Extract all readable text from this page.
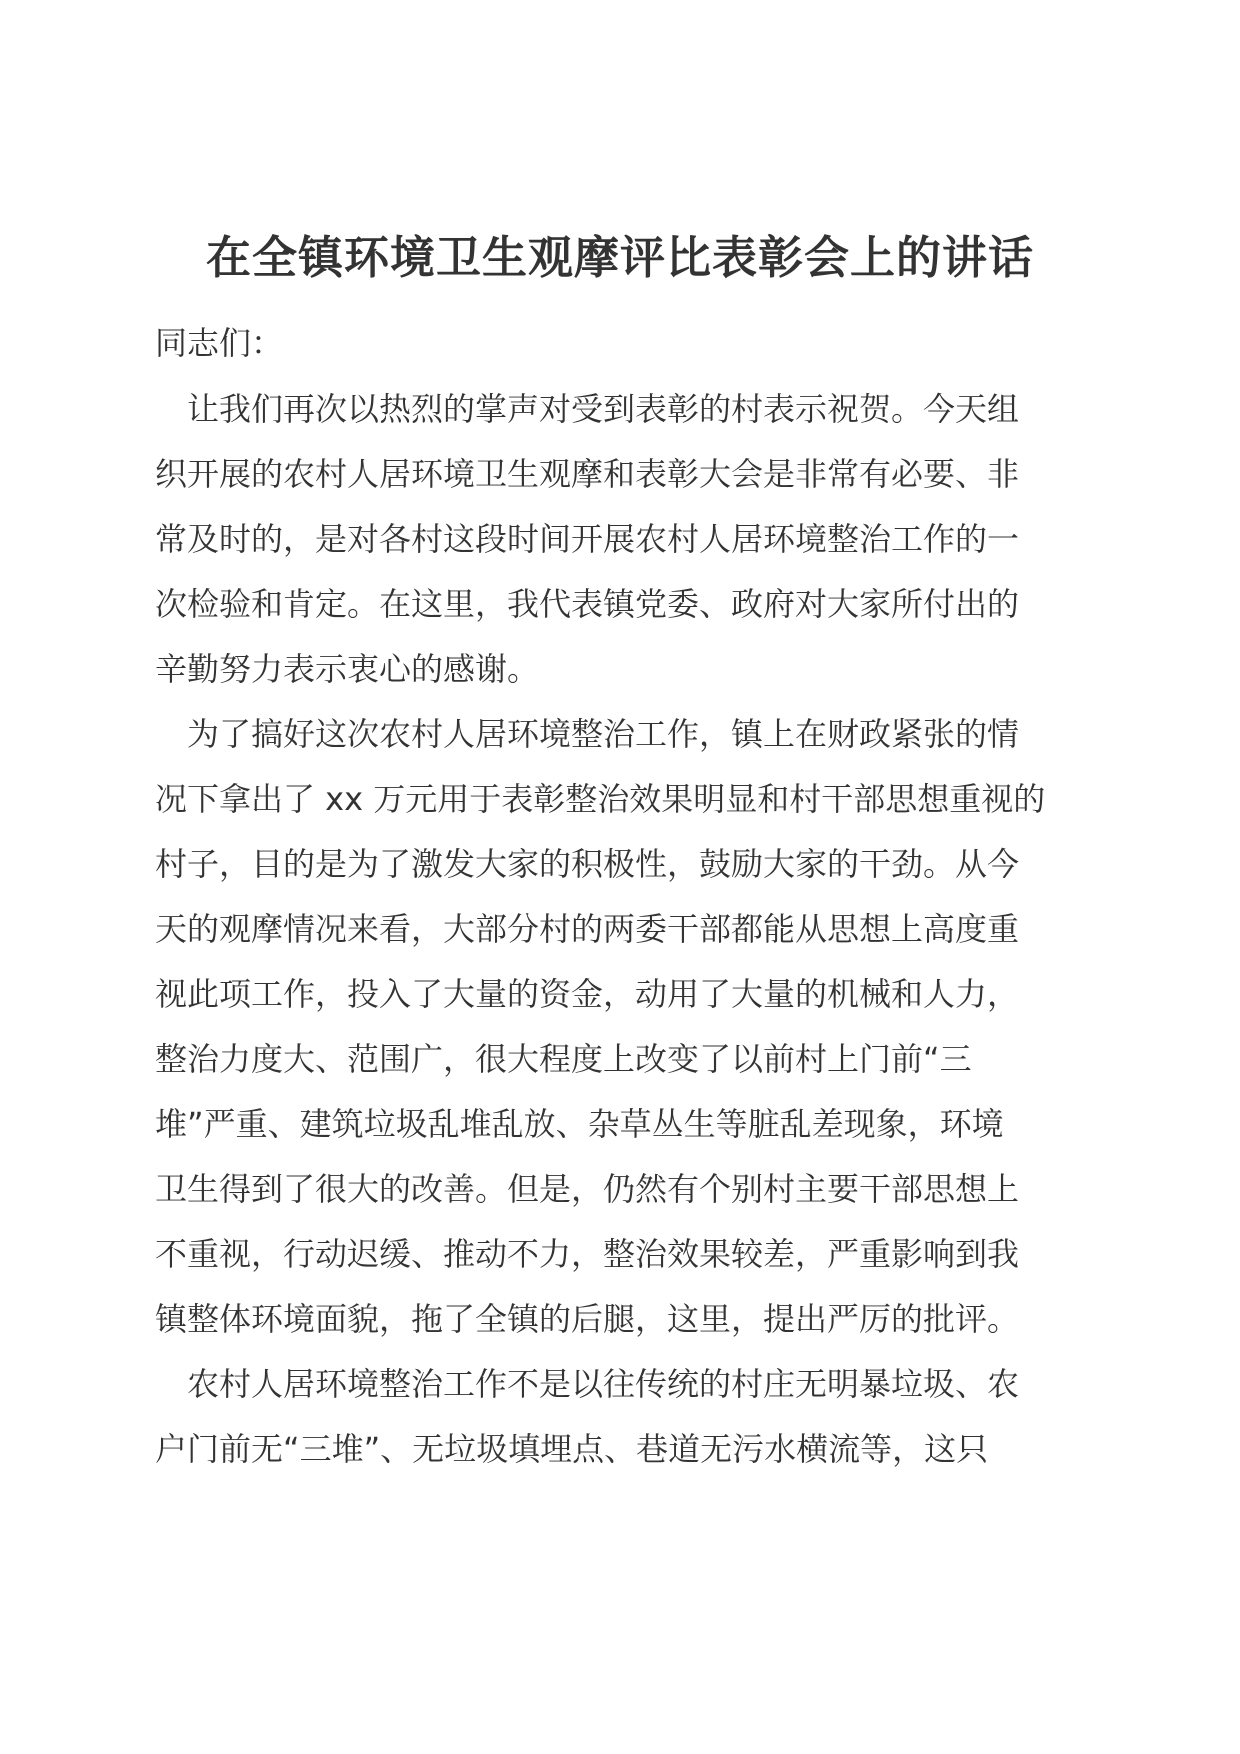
在全镇环境卫生观摩评比表彰会上的讲话
同志们：
　让我们再次以热烈的掌声对受到表彰的村表示祝贺。今天组
织开展的农村人居环境卫生观摩和表彰大会是非常有必要、非
常及时的，是对各村这段时间开展农村人居环境整治工作的一
次检验和肯定。在这里，我代表镇党委、政府对大家所付出的
辛勤努力表示衷心的感谢。
　为了搞好这次农村人居环境整治工作，镇上在财政紧张的情
况下拿出了 xx 万元用于表彰整治效果明显和村干部思想重视的
村子，目的是为了激发大家的积极性，鼓励大家的干劲。从今
天的观摩情况来看，大部分村的两委干部都能从思想上高度重
视此项工作，投入了大量的资金，动用了大量的机械和人力，
整治力度大、范围广，很大程度上改变了以前村上门前“三
堆”严重、建筑垃圾乱堆乱放、杂草丛生等脏乱差现象，环境
卫生得到了很大的改善。但是，仍然有个别村主要干部思想上
不重视，行动迟缓、推动不力，整治效果较差，严重影响到我
镇整体环境面貌，拖了全镇的后腿，这里，提出严厉的批评。
　农村人居环境整治工作不是以往传统的村庄无明暴垃圾、农
户门前无“三堆”、无垃圾填埋点、巷道无污水横流等，这只
